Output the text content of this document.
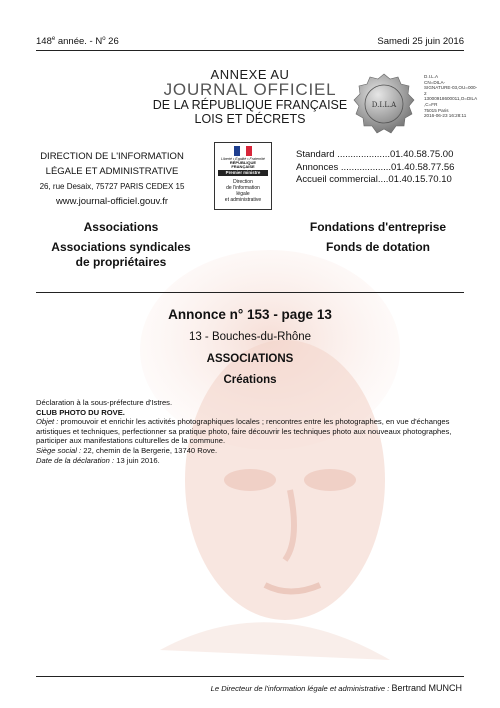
148e année. - $N^o$ 26	Samedi 25 juin 2016
ANNEXE AU
JOURNAL OFFICIEL
DE LA RÉPUBLIQUE FRANÇAISE
LOIS ET DÉCRETS
D.I.L.A
D.I.L.A
CN=DILA-
SIGNATURE-03,OU=000-
2
13000918600011,O=DILA
,C=FR
75015 Paris
2016-06-23 16:28:11
DIRECTION DE L'INFORMATION
LÉGALE ET ADMINISTRATIVE
26, rue Desaix, 75727 PARIS CEDEX 15
www.journal-officiel.gouv.fr
Liberté • Égalité • Fraternité
RÉPUBLIQUE
FRANÇAISE
Premier ministre
Direction
de l'information
légale
et administrative
Standard ....................01.40.58.75.00
Annonces ...................01.40.58.77.56
Accueil commercial....01.40.15.70.10
Associations
Associations syndicales
de propriétaires
Fondations d'entreprise
Fonds de dotation
Annonce n° 153 - page 13
13 - Bouches-du-Rhône
ASSOCIATIONS
Créations
Déclaration à la sous-préfecture d'Istres.
CLUB PHOTO DU ROVE.
Objet : promouvoir et enrichir les activités photographiques locales ; rencontres entre les photographes, en vue d'échanges artistiques et techniques, perfectionner sa pratique photo, faire découvrir les techniques photo aux nouveaux photographes, participer aux manifestations culturelles de la commune.
Siège social : 22, chemin de la Bergerie, 13740 Rove.
Date de la déclaration : 13 juin 2016.
Le Directeur de l'information légale et administrative : Bertrand MUNCH
